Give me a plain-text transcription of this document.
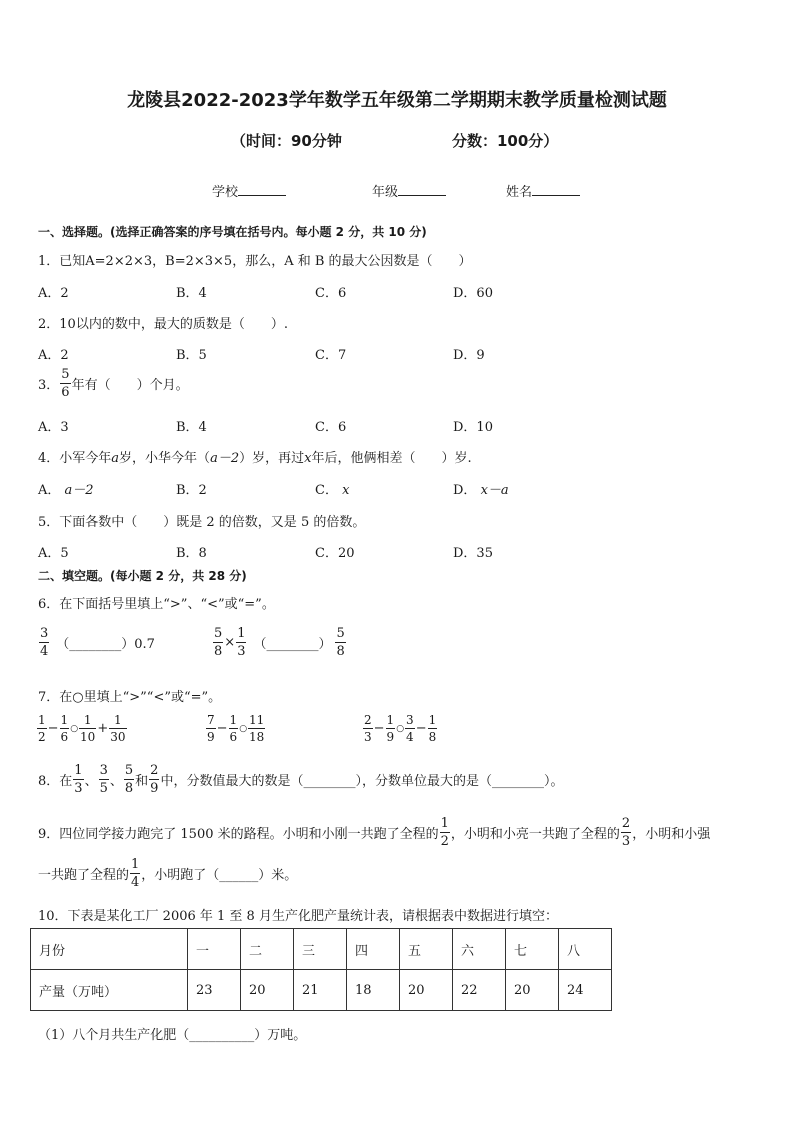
龙陵县2022-2023学年数学五年级第二学期期末教学质量检测试题
（时间：90分钟	分数：100分）
学校	年级	姓名
一、选择题。(选择正确答案的序号填在括号内。每小题 2 分，共 10 分)
1．已知A=2×2×3，B=2×3×5，那么，A 和 B 的最大公因数是（　　）
A．2	B．4	C．6	D．60
2．10以内的数中，最大的质数是（　　）.
A．2	B．5	C．7	D．9
3． $\frac{5}{6}$ 年有（　　）个月。
A．3	B．4	C．6	D．10
4．小军今年a岁，小华今年（a－2）岁，再过x年后，他俩相差（　　）岁.
A． a－2	B．2	C． x	D． x－a
5．下面各数中（　　）既是 2 的倍数，又是 5 的倍数。
A．5	B．8	C．20	D．35
二、填空题。(每小题 2 分，共 28 分)
6．在下面括号里填上“>”、“<”或“=”。
$\frac{3}{4}$ （________）0.7	$\frac{5}{8} \times \frac{1}{3}$ （________） $\frac{5}{8}$
7．在○里填上“>”“<”或“=”。
$\frac{1}{2} - \frac{1}{6}$ ○ $\frac{1}{10} + \frac{1}{30}$	$\frac{7}{9} - \frac{1}{6}$ ○ $\frac{11}{18}$	$\frac{2}{3} - \frac{1}{9}$ ○ $\frac{3}{4} - \frac{1}{8}$
8．在 $\frac{1}{3}$ 、 $\frac{3}{5}$ 、 $\frac{5}{8}$ 和 $\frac{2}{9}$ 中，分数值最大的数是（________），分数单位最大的是（________）。
9．四位同学接力跑完了 1500 米的路程。小明和小刚一共跑了全程的 $\frac{1}{2}$ ，小明和小亮一共跑了全程的 $\frac{2}{3}$ ，小明和小强
一共跑了全程的 $\frac{1}{4}$ ，小明跑了（______）米。
10．下表是某化工厂 2006 年 1 至 8 月生产化肥产量统计表，请根据表中数据进行填空：
月份	一	二	三	四	五	六	七	八
产量（万吨）	23	20	21	18	20	22	20	24
（1）八个月共生产化肥（__________）万吨。
